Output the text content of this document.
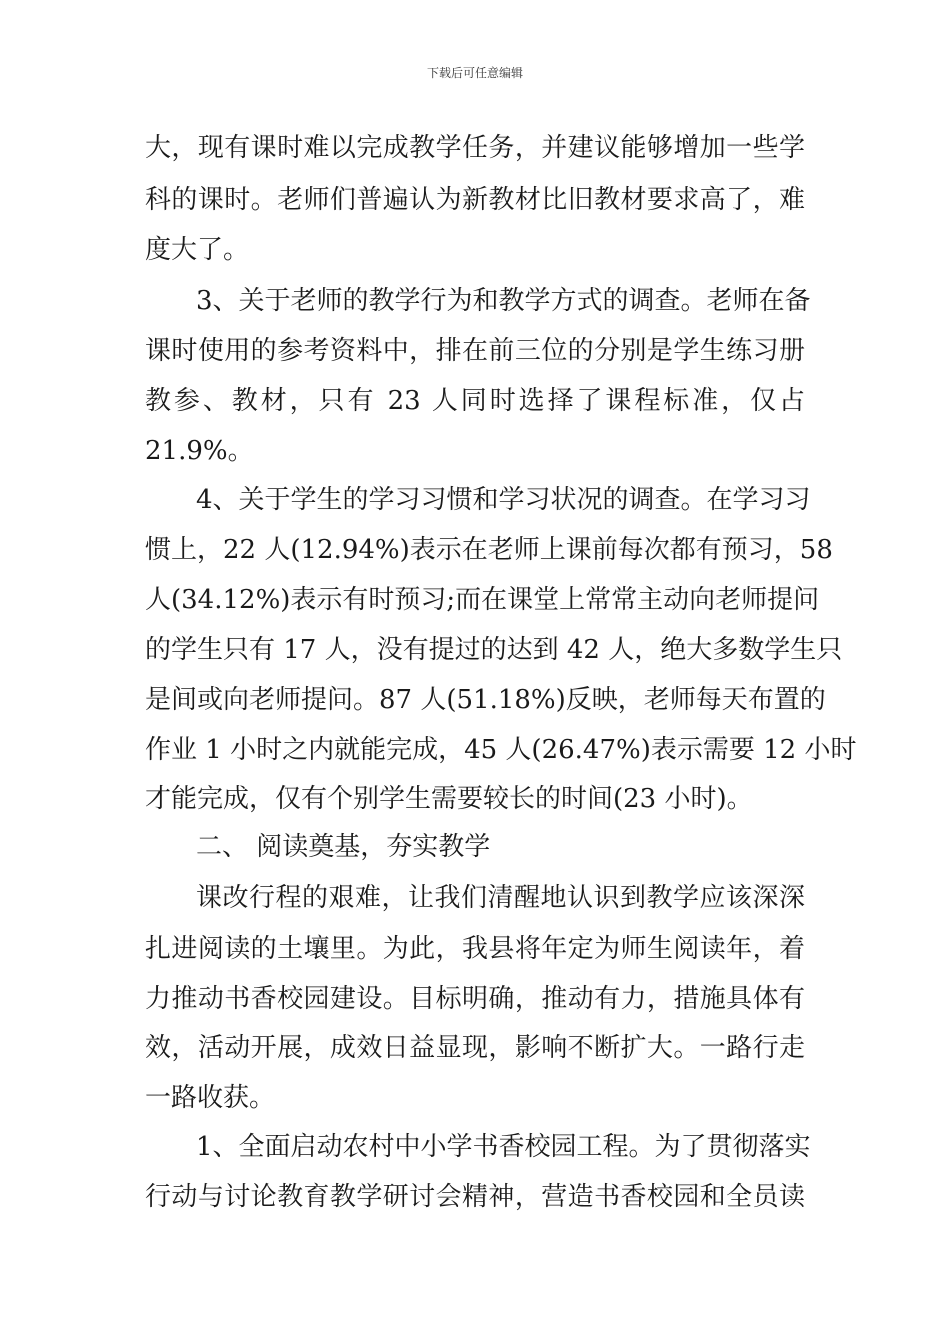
下载后可任意编辑
大，现有课时难以完成教学任务，并建议能够增加一些学
科的课时。老师们普遍认为新教材比旧教材要求高了，难
度大了。
3、关于老师的教学行为和教学方式的调查。老师在备
课时使用的参考资料中，排在前三位的分别是学生练习册
教参、教材，只有 23 人同时选择了课程标准，仅占
21.9%。
4、关于学生的学习习惯和学习状况的调查。在学习习
惯上，22 人(12.94%)表示在老师上课前每次都有预习，58
人(34.12%)表示有时预习;而在课堂上常常主动向老师提问
的学生只有 17 人，没有提过的达到 42 人，绝大多数学生只
是间或向老师提问。87 人(51.18%)反映，老师每天布置的
作业 1 小时之内就能完成，45 人(26.47%)表示需要 12 小时
才能完成，仅有个别学生需要较长的时间(23 小时)。
二、 阅读奠基，夯实教学
课改行程的艰难，让我们清醒地认识到教学应该深深
扎进阅读的土壤里。为此，我县将年定为师生阅读年，着
力推动书香校园建设。目标明确，推动有力，措施具体有
效，活动开展，成效日益显现，影响不断扩大。一路行走
一路收获。
1、全面启动农村中小学书香校园工程。为了贯彻落实
行动与讨论教育教学研讨会精神，营造书香校园和全员读
